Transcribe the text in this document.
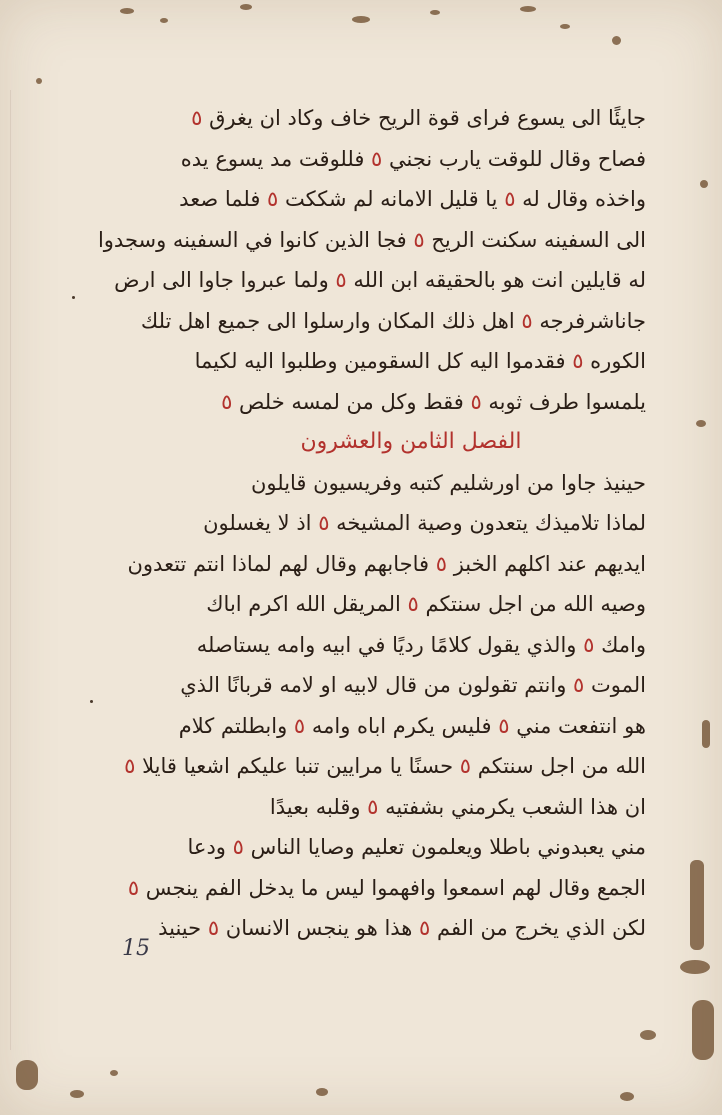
جايئًا الى يسوع فراى قوة الريح خاف وكاد ان يغرق ٥
فصاح وقال للوقت يارب نجني ٥ فللوقت مد يسوع يده
واخذه وقال له ٥ يا قليل الامانه لم شككت ٥ فلما صعد
الى السفينه سكنت الريح ٥ فجا الذين كانوا في السفينه وسجدوا
له قايلين انت هو بالحقيقه ابن الله ٥ ولما عبروا جاوا الى ارض
جاناشرفرجه ٥ اهل ذلك المكان وارسلوا الى جميع اهل تلك
الكوره ٥ فقدموا اليه كل السقومين وطلبوا اليه لكيما
يلمسوا طرف ثوبه ٥ فقط وكل من لمسه خلص ٥
الفصل الثامن والعشرون
حينيذ جاوا من اورشليم كتبه وفريسيون قايلون
لماذا تلاميذك يتعدون وصية المشيخه ٥ اذ لا يغسلون
ايديهم عند اكلهم الخبز ٥ فاجابهم وقال لهم لماذا انتم تتعدون
وصيه الله من اجل سنتكم ٥ المريقل الله اكرم اباك
وامك ٥ والذي يقول كلامًا رديًا في ابيه وامه يستاصله
الموت ٥ وانتم تقولون من قال لابيه او لامه قربانًا الذي
هو انتفعت مني ٥ فليس يكرم اباه وامه ٥ وابطلتم كلام
الله من اجل سنتكم ٥ حسنًا يا مرايين تنبا عليكم اشعيا قايلا ٥
ان هذا الشعب يكرمني بشفتيه ٥ وقلبه بعيدًا
مني يعبدوني باطلا ويعلمون تعليم وصايا الناس ٥ ودعا
الجمع وقال لهم اسمعوا وافهموا ليس ما يدخل الفم ينجس ٥
لكن الذي يخرج من الفم ٥ هذا هو ينجس الانسان ٥ حينيذ
15
